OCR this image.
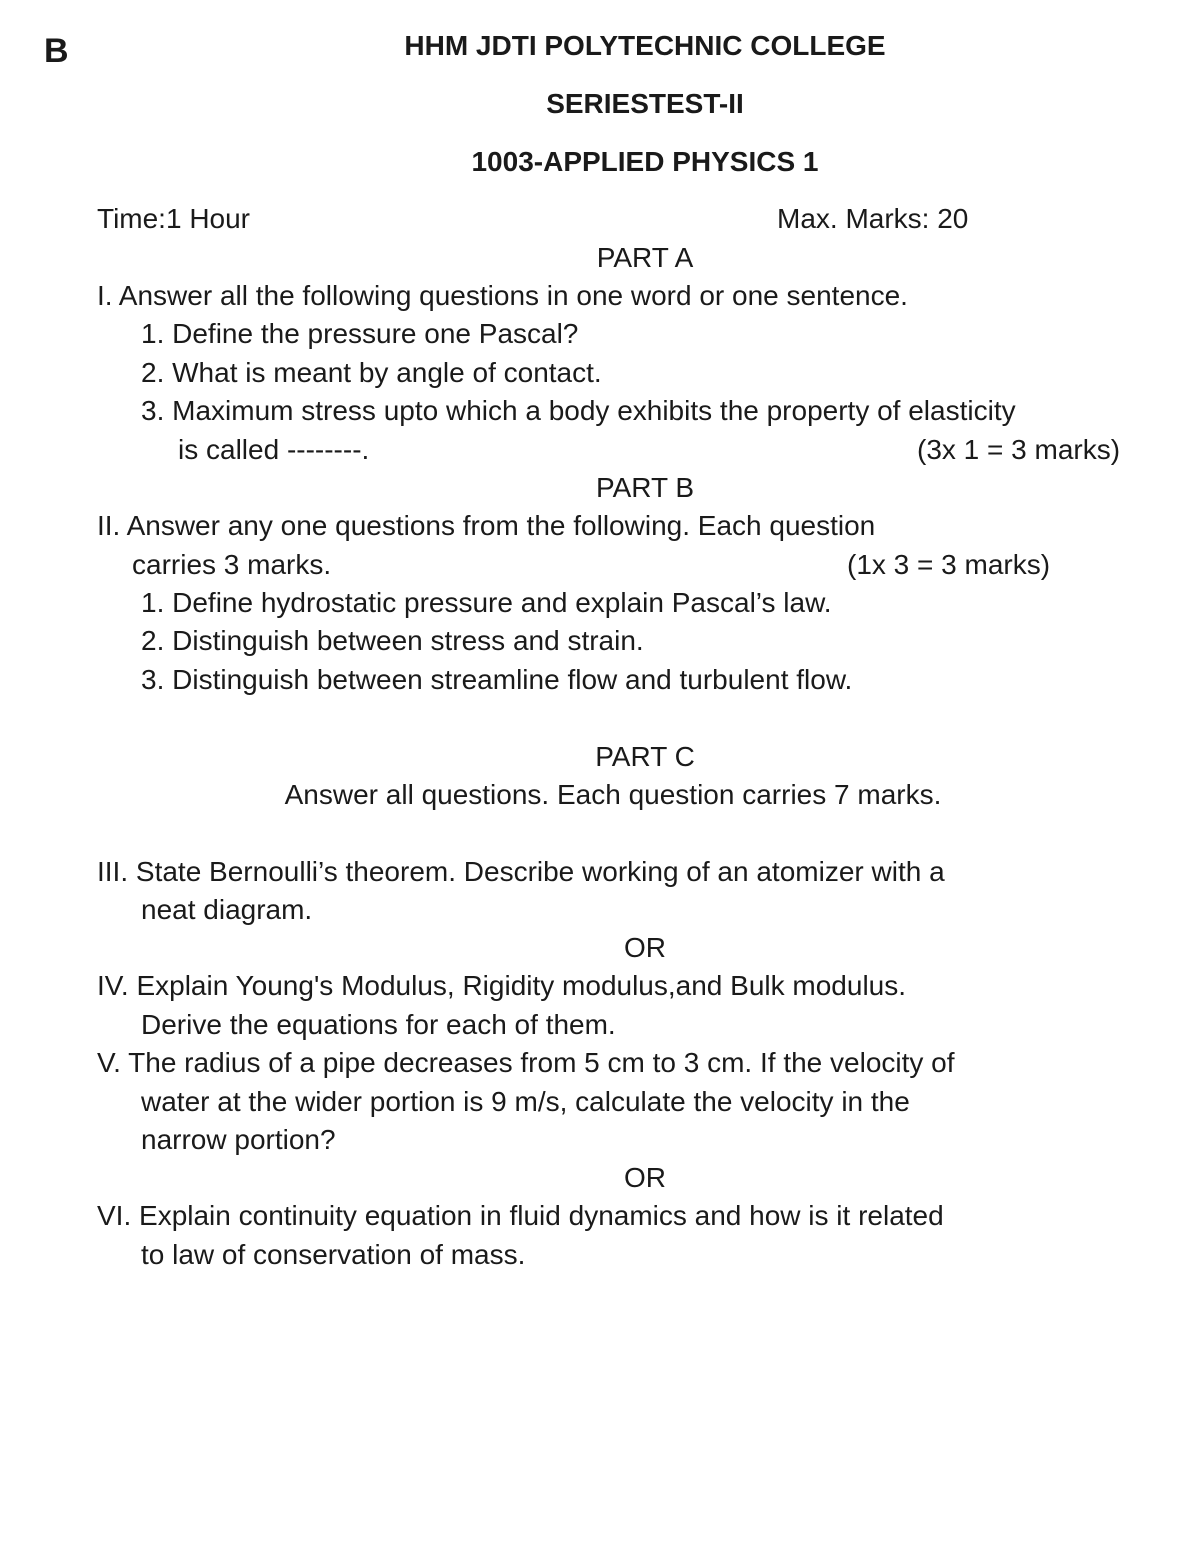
B	HHM JDTI POLYTECHNIC COLLEGE
SERIESTEST-II
1003-APPLIED PHYSICS 1
Time:1 Hour	Max. Marks: 20
PART A
I. Answer all the following questions in one word or one sentence.
1. Define the pressure one Pascal?
2. What is meant by angle of contact.
3. Maximum stress upto which a body exhibits the property of elasticity
is called --------.	(3x 1 = 3 marks)
PART B
II. Answer any one questions from the following. Each question
carries 3 marks.	(1x 3 = 3 marks)
1. Define hydrostatic pressure and explain Pascal’s law.
2. Distinguish between stress and strain.
3. Distinguish between streamline flow and turbulent flow.
PART C
Answer all questions. Each question carries 7 marks.
III. State Bernoulli’s theorem. Describe working of an atomizer with a
neat diagram.
OR
IV. Explain Young's Modulus, Rigidity modulus,and Bulk modulus.
Derive the equations for each of them.
V. The radius of a pipe decreases from 5 cm to 3 cm. If the velocity of
water at the wider portion is 9 m/s, calculate the velocity in the
narrow portion?
OR
VI. Explain continuity equation in fluid dynamics and how is it related
to law of conservation of mass.
